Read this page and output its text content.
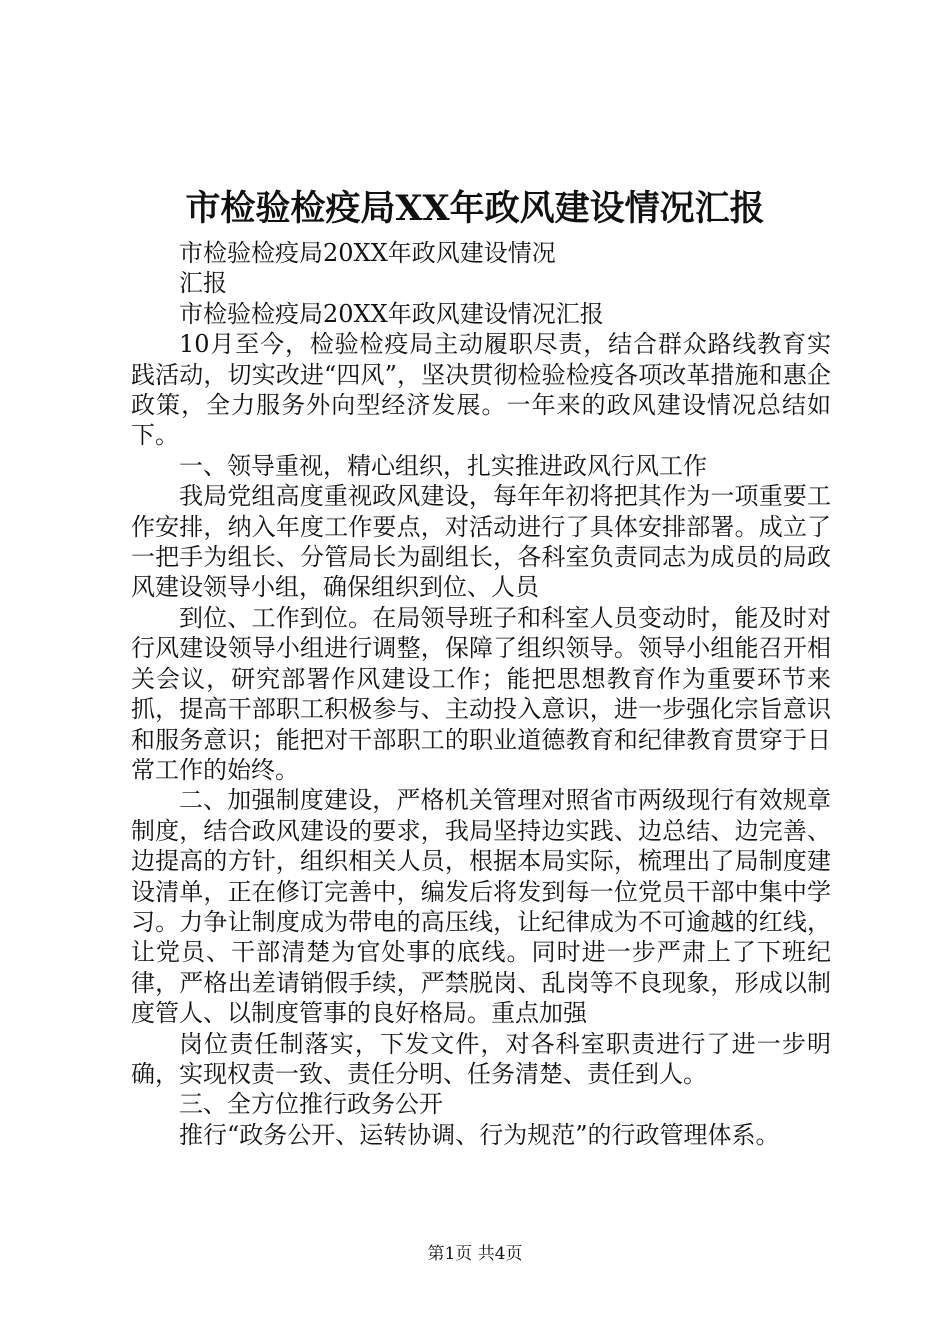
市检验检疫局XX年政风建设情况汇报

市检验检疫局20XX年政风建设情况

汇报

市检验检疫局20XX年政风建设情况汇报

10月至今，检验检疫局主动履职尽责，结合群众路线教育实践活动，切实改进“四风”，坚决贯彻检验检疫各项改革措施和惠企政策，全力服务外向型经济发展。一年来的政风建设情况总结如下。

一、领导重视，精心组织，扎实推进政风行风工作

我局党组高度重视政风建设，每年年初将把其作为一项重要工作安排，纳入年度工作要点，对活动进行了具体安排部署。成立了一把手为组长、分管局长为副组长，各科室负责同志为成员的局政风建设领导小组，确保组织到位、人员

到位、工作到位。在局领导班子和科室人员变动时，能及时对行风建设领导小组进行调整，保障了组织领导。领导小组能召开相关会议，研究部署作风建设工作；能把思想教育作为重要环节来抓，提高干部职工积极参与、主动投入意识，进一步强化宗旨意识和服务意识；能把对干部职工的职业道德教育和纪律教育贯穿于日常工作的始终。

二、加强制度建设，严格机关管理对照省市两级现行有效规章制度，结合政风建设的要求，我局坚持边实践、边总结、边完善、边提高的方针，组织相关人员，根据本局实际，梳理出了局制度建设清单，正在修订完善中，编发后将发到每一位党员干部中集中学习。力争让制度成为带电的高压线，让纪律成为不可逾越的红线，让党员、干部清楚为官处事的底线。同时进一步严肃上了下班纪律，严格出差请销假手续，严禁脱岗、乱岗等不良现象，形成以制度管人、以制度管事的良好格局。重点加强

岗位责任制落实，下发文件，对各科室职责进行了进一步明确，实现权责一致、责任分明、任务清楚、责任到人。

三、全方位推行政务公开

推行“政务公开、运转协调、行为规范”的行政管理体系。

第1页 共4页
